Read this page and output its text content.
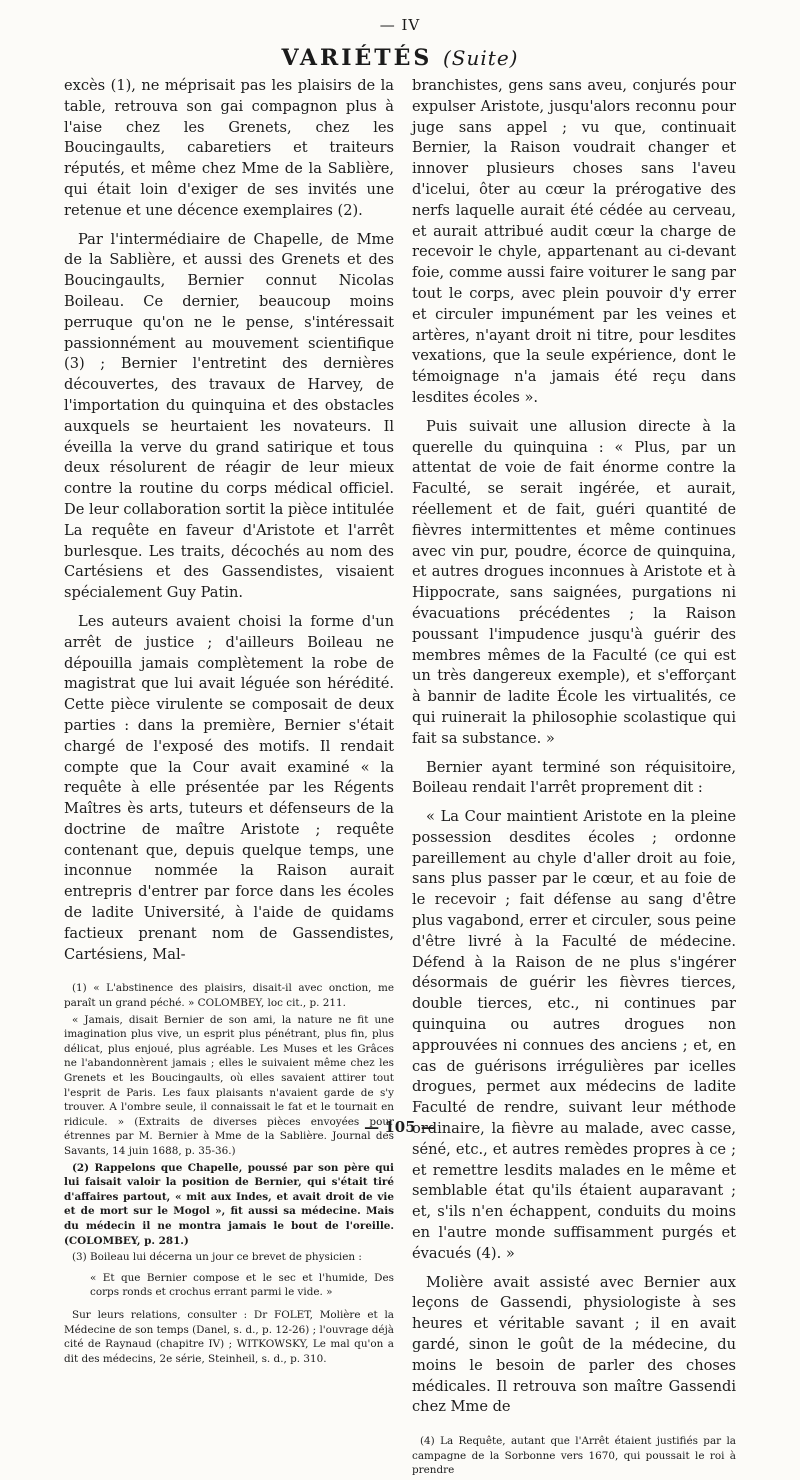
— IV
VARIÉTÉS (Suite)

excès (1), ne méprisait pas les plaisirs de la table, retrouva son gai compagnon plus à l'aise chez les Grenets, chez les Boucingaults, cabaretiers et traiteurs réputés, et même chez Mme de la Sablière, qui était loin d'exiger de ses invités une retenue et une décence exemplaires (2).

Par l'intermédiaire de Chapelle, de Mme de la Sablière, et aussi des Grenets et des Boucingaults, Bernier connut Nicolas Boileau. Ce dernier, beaucoup moins perruque qu'on ne le pense, s'intéressait passionnément au mouvement scientifique (3) ; Bernier l'entretint des dernières découvertes, des travaux de Harvey, de l'importation du quinquina et des obstacles auxquels se heurtaient les novateurs. Il éveilla la verve du grand satirique et tous deux résolurent de réagir de leur mieux contre la routine du corps médical officiel. De leur collaboration sortit la pièce intitulée La requête en faveur d'Aristote et l'arrêt burlesque. Les traits, décochés au nom des Cartésiens et des Gassendistes, visaient spécialement Guy Patin.

Les auteurs avaient choisi la forme d'un arrêt de justice ; d'ailleurs Boileau ne dépouilla jamais complètement la robe de magistrat que lui avait léguée son hérédité. Cette pièce virulente se composait de deux parties : dans la première, Bernier s'était chargé de l'exposé des motifs. Il rendait compte que la Cour avait examiné « la requête à elle présentée par les Régents Maîtres ès arts, tuteurs et défenseurs de la doctrine de maître Aristote ; requête contenant que, depuis quelque temps, une inconnue nommée la Raison aurait entrepris d'entrer par force dans les écoles de ladite Université, à l'aide de quidams factieux prenant nom de Gassendistes, Cartésiens, Mal-

(1) « L'abstinence des plaisirs, disait-il avec onction, me paraît un grand péché. » COLOMBEY, loc cit., p. 211.

« Jamais, disait Bernier de son ami, la nature ne fit une imagination plus vive, un esprit plus pénétrant, plus fin, plus délicat, plus enjoué, plus agréable. Les Muses et les Grâces ne l'abandonnèrent jamais ; elles le suivaient même chez les Grenets et les Boucingaults, où elles savaient attirer tout l'esprit de Paris. Les faux plaisants n'avaient garde de s'y trouver. A l'ombre seule, il connaissait le fat et le tournait en ridicule. » (Extraits de diverses pièces envoyées pour étrennes par M. Bernier à Mme de la Sablière. Journal des Savants, 14 juin 1688, p. 35-36.)

(2) Rappelons que Chapelle, poussé par son père qui lui faisait valoir la position de Bernier, qui s'était tiré d'affaires partout, « mit aux Indes, et avait droit de vie et de mort sur le Mogol », fit aussi sa médecine. Mais du médecin il ne montra jamais le bout de l'oreille. (COLOMBEY, p. 281.)

(3) Boileau lui décerna un jour ce brevet de physicien :

« Et que Bernier compose et le sec et l'humide, Des corps ronds et crochus errant parmi le vide. »

Sur leurs relations, consulter : Dr FOLET, Molière et la Médecine de son temps (Danel, s. d., p. 12-26) ; l'ouvrage déjà cité de Raynaud (chapitre IV) ; WITKOWSKY, Le mal qu'on a dit des médecins, 2e série, Steinheil, s. d., p. 310.

branchistes, gens sans aveu, conjurés pour expulser Aristote, jusqu'alors reconnu pour juge sans appel ; vu que, continuait Bernier, la Raison voudrait changer et innover plusieurs choses sans l'aveu d'icelui, ôter au cœur la prérogative des nerfs laquelle aurait été cédée au cerveau, et aurait attribué audit cœur la charge de recevoir le chyle, appartenant au ci-devant foie, comme aussi faire voiturer le sang par tout le corps, avec plein pouvoir d'y errer et circuler impunément par les veines et artères, n'ayant droit ni titre, pour lesdites vexations, que la seule expérience, dont le témoignage n'a jamais été reçu dans lesdites écoles ».

Puis suivait une allusion directe à la querelle du quinquina : « Plus, par un attentat de voie de fait énorme contre la Faculté, se serait ingérée, et aurait, réellement et de fait, guéri quantité de fièvres intermittentes et même continues avec vin pur, poudre, écorce de quinquina, et autres drogues inconnues à Aristote et à Hippocrate, sans saignées, purgations ni évacuations précédentes ; la Raison poussant l'impudence jusqu'à guérir des membres mêmes de la Faculté (ce qui est un très dangereux exemple), et s'efforçant à bannir de ladite École les virtualités, ce qui ruinerait la philosophie scolastique qui fait sa substance. »

Bernier ayant terminé son réquisitoire, Boileau rendait l'arrêt proprement dit :

« La Cour maintient Aristote en la pleine possession desdites écoles ; ordonne pareillement au chyle d'aller droit au foie, sans plus passer par le cœur, et au foie de le recevoir ; fait défense au sang d'être plus vagabond, errer et circuler, sous peine d'être livré à la Faculté de médecine. Défend à la Raison de ne plus s'ingérer désormais de guérir les fièvres tierces, double tierces, etc., ni continues par quinquina ou autres drogues non approuvées ni connues des anciens ; et, en cas de guérisons irrégulières par icelles drogues, permet aux médecins de ladite Faculté de rendre, suivant leur méthode ordinaire, la fièvre au malade, avec casse, séné, etc., et autres remèdes propres à ce ; et remettre lesdits malades en le même et semblable état qu'ils étaient auparavant ; et, s'ils n'en échappent, conduits du moins en l'autre monde suffisamment purgés et évacués (4). »

Molière avait assisté avec Bernier aux leçons de Gassendi, physiologiste à ses heures et véritable savant ; il en avait gardé, sinon le goût de la médecine, du moins le besoin de parler des choses médicales. Il retrouva son maître Gassendi chez Mme de

(4) La Requête, autant que l'Arrêt étaient justifiés par la campagne de la Sorbonne vers 1670, qui poussait le roi à prendre

— 105 —
